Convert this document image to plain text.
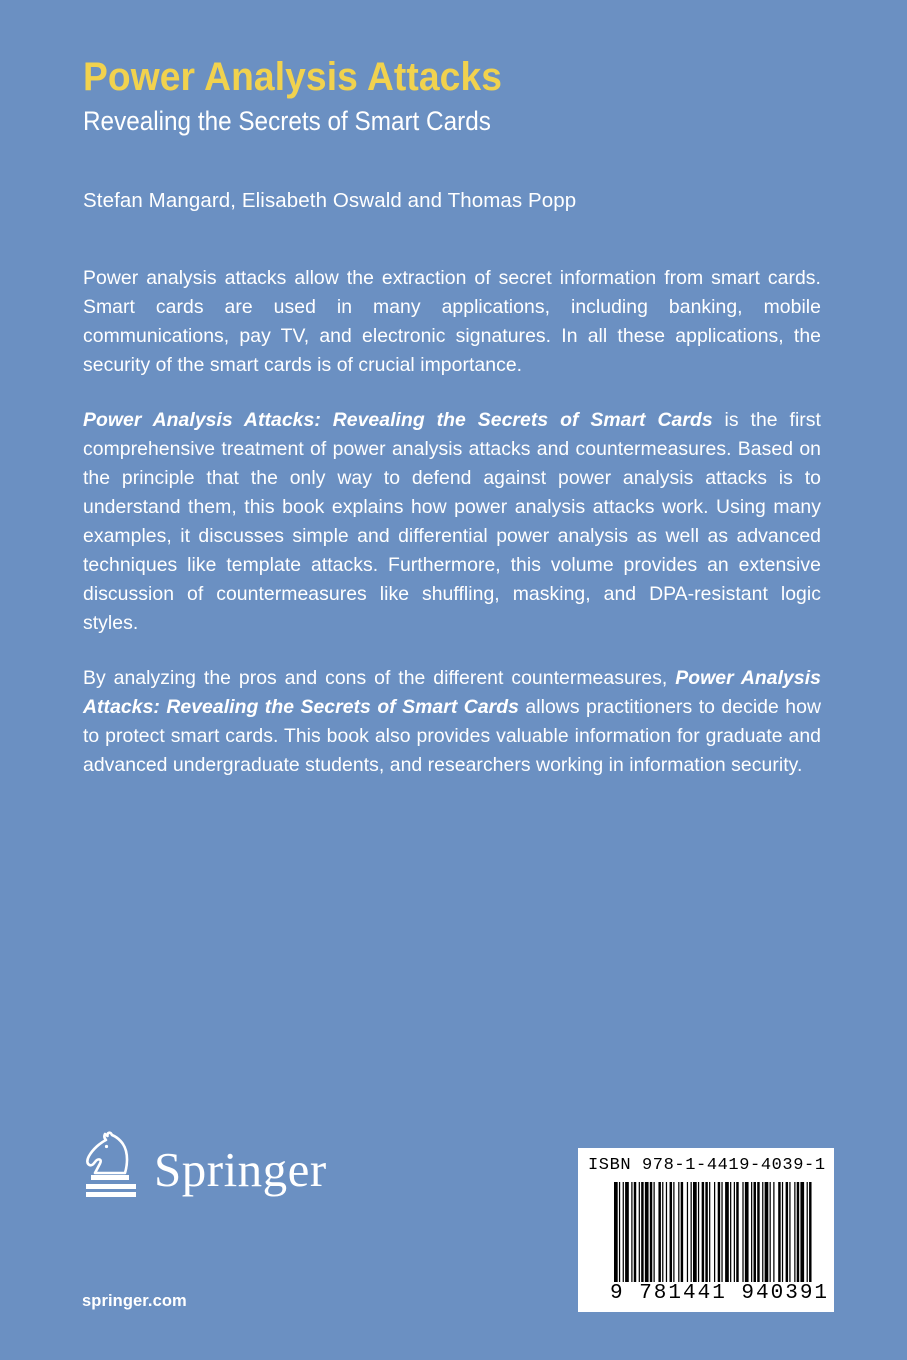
Power Analysis Attacks
Revealing the Secrets of Smart Cards
Stefan Mangard, Elisabeth Oswald and Thomas Popp

Power analysis attacks allow the extraction of secret information from smart cards. Smart cards are used in many applications, including banking, mobile communications, pay TV, and electronic signatures. In all these applications, the security of the smart cards is of crucial importance.

Power Analysis Attacks: Revealing the Secrets of Smart Cards is the first comprehensive treatment of power analysis attacks and countermeasures. Based on the principle that the only way to defend against power analysis attacks is to understand them, this book explains how power analysis attacks work. Using many examples, it discusses simple and differential power analysis as well as advanced techniques like template attacks. Furthermore, this volume provides an extensive discussion of countermeasures like shuffling, masking, and DPA-resistant logic styles.

By analyzing the pros and cons of the different countermeasures, Power Analysis Attacks: Revealing the Secrets of Smart Cards allows practitioners to decide how to protect smart cards. This book also provides valuable information for graduate and advanced undergraduate students, and researchers working in information security.

Springer
springer.com
ISBN 978-1-4419-4039-1
9 781441 940391
